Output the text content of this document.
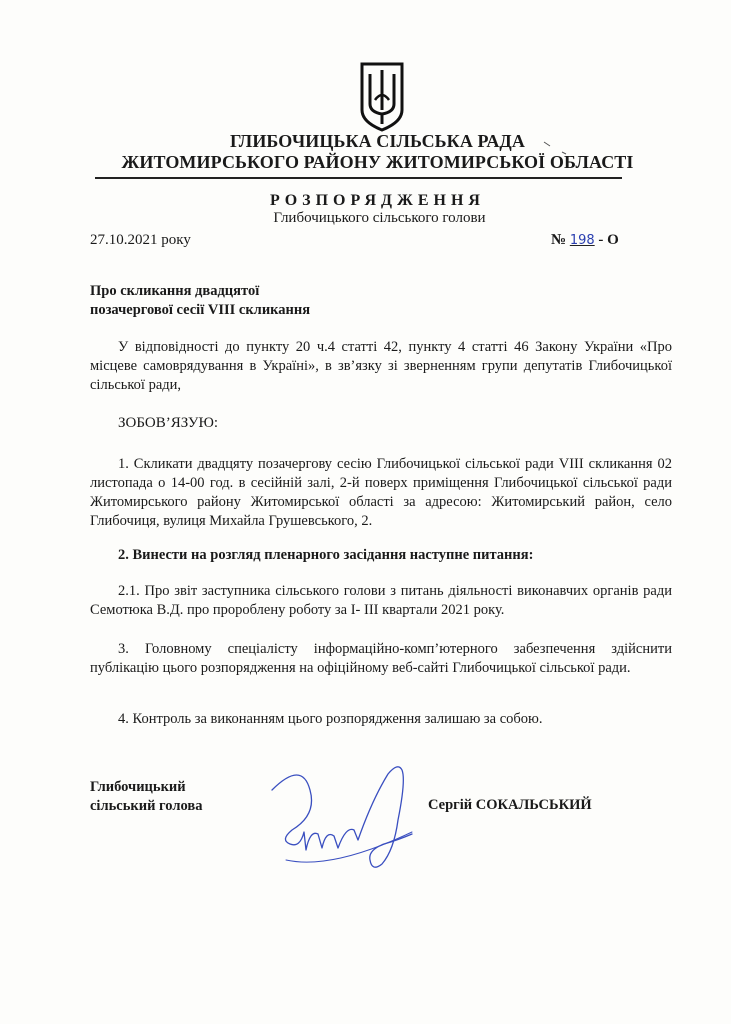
ГЛИБОЧИЦЬКА СІЛЬСЬКА РАДА
ЖИТОМИРСЬКОГО РАЙОНУ ЖИТОМИРСЬКОЇ ОБЛАСТІ
РОЗПОРЯДЖЕННЯ
Глибочицького сільського голови
27.10.2021 року	№ 198 - О
Про скликання двадцятої
позачергової сесії VIII скликання
У відповідності до пункту 20 ч.4 статті 42, пункту 4 статті 46 Закону України «Про місцеве самоврядування в Україні», в зв’язку зі зверненням групи депутатів Глибочицької сільської ради,
ЗОБОВ’ЯЗУЮ:
1. Скликати двадцяту позачергову сесію Глибочицької сільської ради VIII скликання 02 листопада о 14-00 год. в сесійній залі, 2-й поверх приміщення Глибочицької сільської ради Житомирського району Житомирської області за адресою: Житомирський район, село Глибочиця, вулиця Михайла Грушевського, 2.
2. Винести на розгляд пленарного засідання наступне питання:
2.1. Про звіт заступника сільського голови з питань діяльності виконавчих органів ради Семотюка В.Д. про пророблену роботу за I- III квартали 2021 року.
3. Головному спеціалісту інформаційно-комп’ютерного забезпечення здійснити публікацію цього розпорядження на офіційному веб-сайті Глибочицької сільської ради.
4. Контроль за виконанням цього розпорядження залишаю за собою.
Глибочицький
сільський голова	Сергій СОКАЛЬСЬКИЙ
